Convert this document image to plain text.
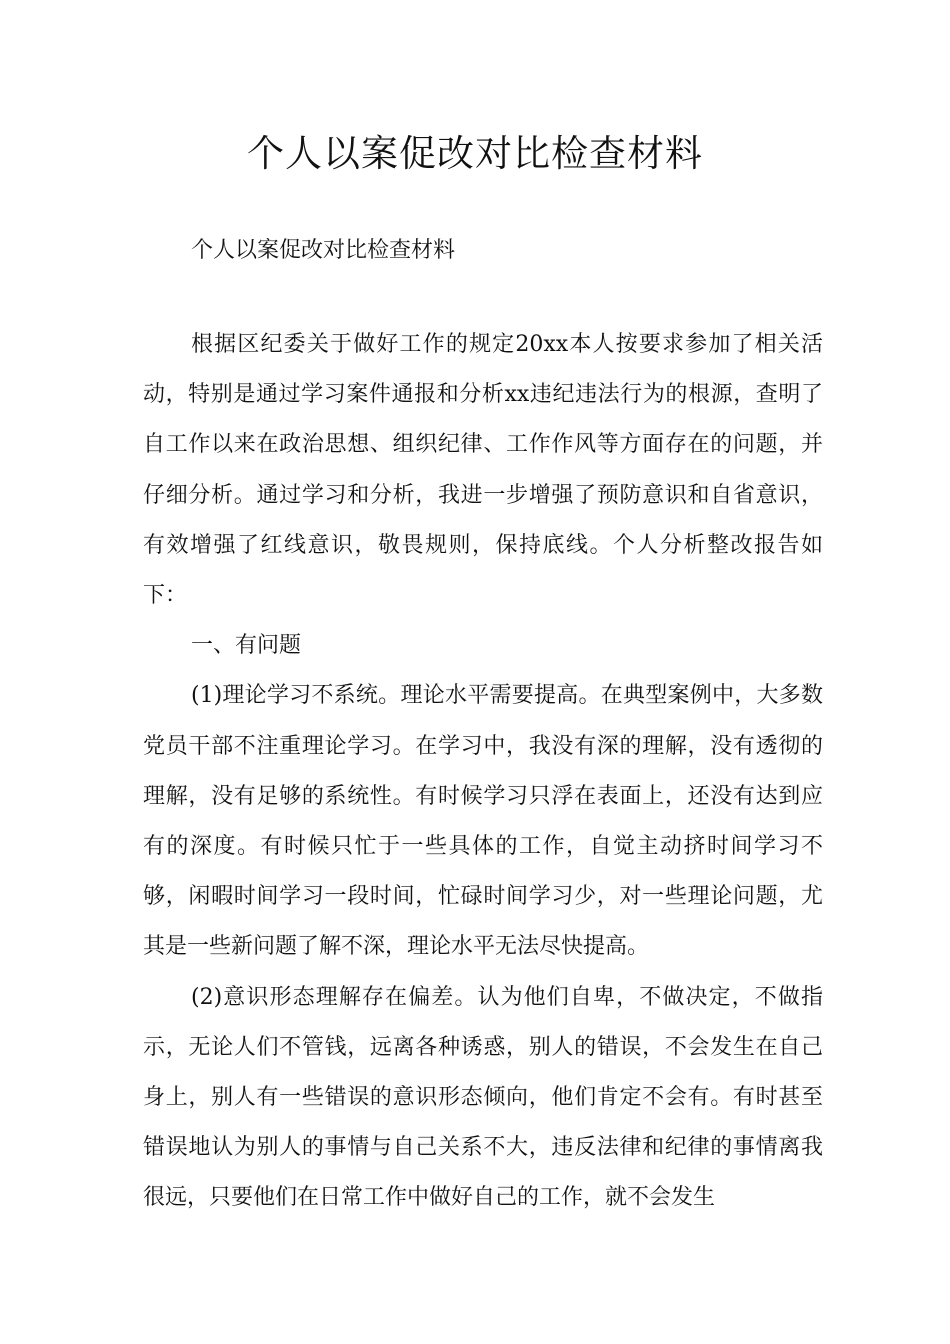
个人以案促改对比检查材料

个人以案促改对比检查材料

根据区纪委关于做好工作的规定20xx本人按要求参加了相关活动，特别是通过学习案件通报和分析xx违纪违法行为的根源，查明了自工作以来在政治思想、组织纪律、工作作风等方面存在的问题，并仔细分析。通过学习和分析，我进一步增强了预防意识和自省意识，有效增强了红线意识，敬畏规则，保持底线。个人分析整改报告如下：

一、有问题

(1)理论学习不系统。理论水平需要提高。在典型案例中，大多数党员干部不注重理论学习。在学习中，我没有深的理解，没有透彻的理解，没有足够的系统性。有时候学习只浮在表面上，还没有达到应有的深度。有时候只忙于一些具体的工作，自觉主动挤时间学习不够，闲暇时间学习一段时间，忙碌时间学习少，对一些理论问题，尤其是一些新问题了解不深，理论水平无法尽快提高。

(2)意识形态理解存在偏差。认为他们自卑，不做决定，不做指示，无论人们不管钱，远离各种诱惑，别人的错误，不会发生在自己身上，别人有一些错误的意识形态倾向，他们肯定不会有。有时甚至错误地认为别人的事情与自己关系不大，违反法律和纪律的事情离我很远，只要他们在日常工作中做好自己的工作，就不会发生
